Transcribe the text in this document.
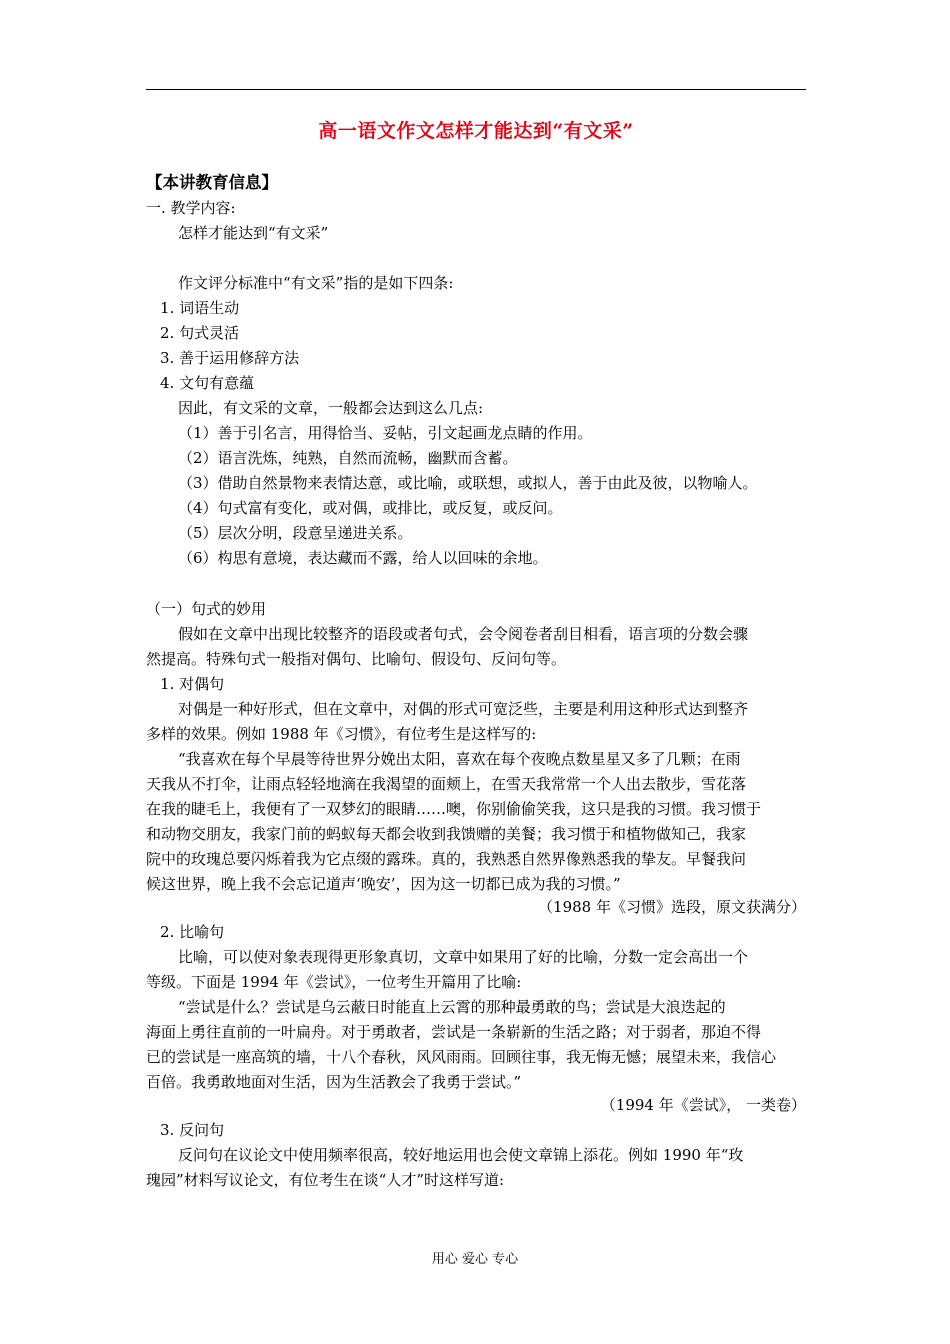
高一语文作文怎样才能达到“有文采”
【本讲教育信息】
一. 教学内容:
怎样才能达到“有文采”
作文评分标准中“有文采”指的是如下四条:
1. 词语生动
2. 句式灵活
3. 善于运用修辞方法
4. 文句有意蕴
因此，有文采的文章，一般都会达到这么几点:
（1）善于引名言，用得恰当、妥帖，引文起画龙点睛的作用。
（2）语言洗炼，纯熟，自然而流畅，幽默而含蓄。
（3）借助自然景物来表情达意，或比喻，或联想，或拟人，善于由此及彼，以物喻人。
（4）句式富有变化，或对偶，或排比，或反复，或反问。
（5）层次分明，段意呈递进关系。
（6）构思有意境，表达藏而不露，给人以回味的余地。
（一）句式的妙用
假如在文章中出现比较整齐的语段或者句式，会令阅卷者刮目相看，语言项的分数会骤
然提高。特殊句式一般指对偶句、比喻句、假设句、反问句等。
1. 对偶句
对偶是一种好形式，但在文章中，对偶的形式可宽泛些，主要是利用这种形式达到整齐
多样的效果。例如 1988 年《习惯》，有位考生是这样写的:
“我喜欢在每个早晨等待世界分娩出太阳，喜欢在每个夜晚点数星星又多了几颗；在雨
天我从不打伞，让雨点轻轻地滴在我渴望的面颊上，在雪天我常常一个人出去散步，雪花落
在我的睫毛上，我便有了一双梦幻的眼睛……噢，你别偷偷笑我，这只是我的习惯。我习惯于
和动物交朋友，我家门前的蚂蚁每天都会收到我馈赠的美餐；我习惯于和植物做知己，我家
院中的玫瑰总要闪烁着我为它点缀的露珠。真的，我熟悉自然界像熟悉我的挚友。早餐我问
候这世界，晚上我不会忘记道声‘晚安’，因为这一切都已成为我的习惯。”
（1988 年《习惯》选段，原文获满分）
2. 比喻句
比喻，可以使对象表现得更形象真切，文章中如果用了好的比喻，分数一定会高出一个
等级。下面是 1994 年《尝试》，一位考生开篇用了比喻:
“尝试是什么？尝试是乌云蔽日时能直上云霄的那种最勇敢的鸟；尝试是大浪迭起的
海面上勇往直前的一叶扁舟。对于勇敢者，尝试是一条崭新的生活之路；对于弱者，那迫不得
已的尝试是一座高筑的墙，十八个春秋，风风雨雨。回顾往事，我无悔无憾；展望未来，我信心
百倍。我勇敢地面对生活，因为生活教会了我勇于尝试。”
（1994 年《尝试》， 一类卷）
3. 反问句
反问句在议论文中使用频率很高，较好地运用也会使文章锦上添花。例如 1990 年“玫
瑰园”材料写议论文，有位考生在谈“人才”时这样写道:
用心 爱心 专心
